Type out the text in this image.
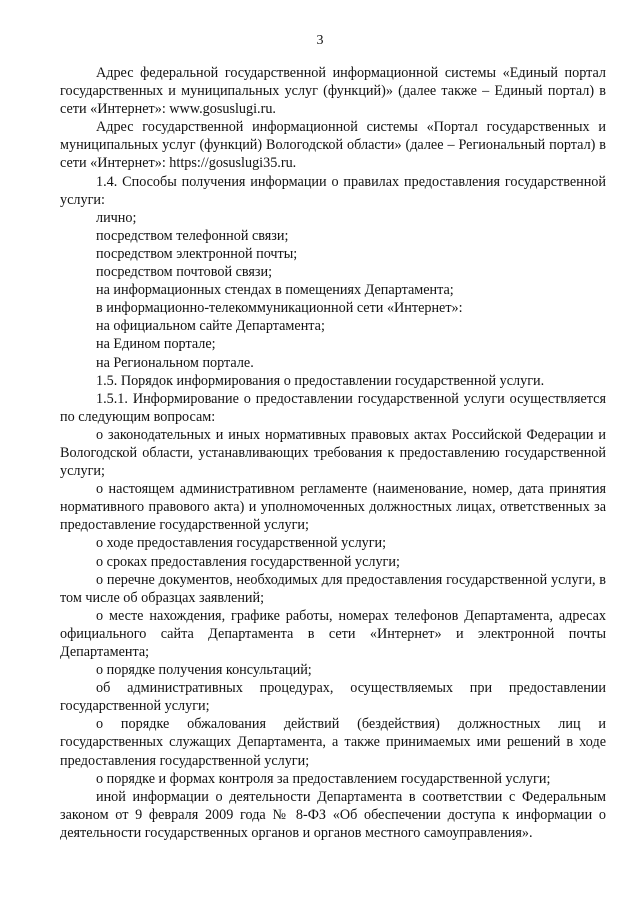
3

Адрес федеральной государственной информационной системы «Единый портал государственных и муниципальных услуг (функций)» (далее также – Единый портал) в сети «Интернет»: www.gosuslugi.ru.

Адрес государственной информационной системы «Портал государственных и муниципальных услуг (функций) Вологодской области» (далее – Региональный портал) в сети «Интернет»: https://gosuslugi35.ru.

1.4. Способы получения информации о правилах предоставления государственной услуги:

лично;

посредством телефонной связи;

посредством электронной почты;

посредством почтовой связи;

на информационных стендах в помещениях Департамента;

в информационно-телекоммуникационной сети «Интернет»:

на официальном сайте Департамента;

на Едином портале;

на Региональном портале.

1.5. Порядок информирования о предоставлении государственной услуги.

1.5.1. Информирование о предоставлении государственной услуги осуществляется по следующим вопросам:

о законодательных и иных нормативных правовых актах Российской Федерации и Вологодской области, устанавливающих требования к предоставлению государственной услуги;

о настоящем административном регламенте (наименование, номер, дата принятия нормативного правового акта) и уполномоченных должностных лицах, ответственных за предоставление государственной услуги;

о ходе предоставления государственной услуги;

о сроках предоставления государственной услуги;

о перечне документов, необходимых для предоставления государственной услуги, в том числе об образцах заявлений;

о месте нахождения, графике работы, номерах телефонов Департамента, адресах официального сайта Департамента в сети «Интернет» и электронной почты Департамента;

о порядке получения консультаций;

об административных процедурах, осуществляемых при предоставлении государственной услуги;

о порядке обжалования действий (бездействия) должностных лиц и государственных служащих Департамента, а также принимаемых ими решений в ходе предоставления государственной услуги;

о порядке и формах контроля за предоставлением государственной услуги;

иной информации о деятельности Департамента в соответствии с Федеральным законом от 9 февраля 2009 года № 8-ФЗ «Об обеспечении доступа к информации о деятельности государственных органов и органов местного самоуправления».
